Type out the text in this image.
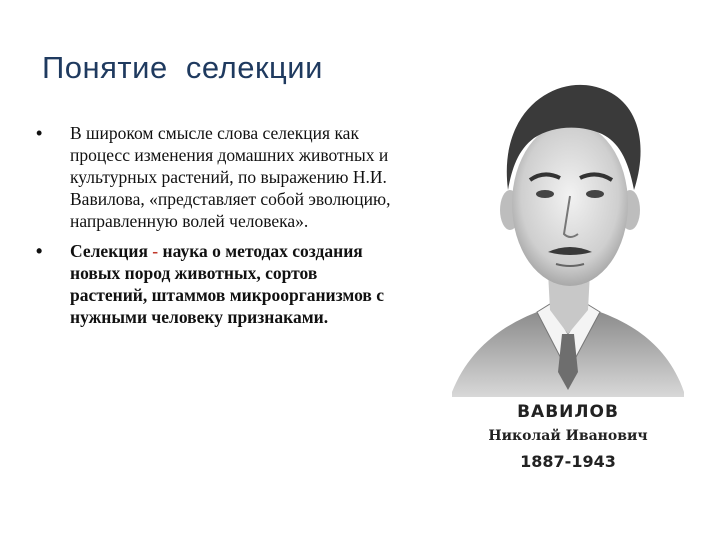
Понятие  селекции
• В широком смысле слова селекция как процесс изменения домашних животных и культурных растений, по выражению Н.И. Вавилова, «представляет собой эволюцию, направленную волей человека».
• Селекция - наука о методах создания новых пород животных, сортов растений, штаммов микроорганизмов с нужными человеку признаками.
ВАВИЛОВ
Николай Иванович
1887-1943
